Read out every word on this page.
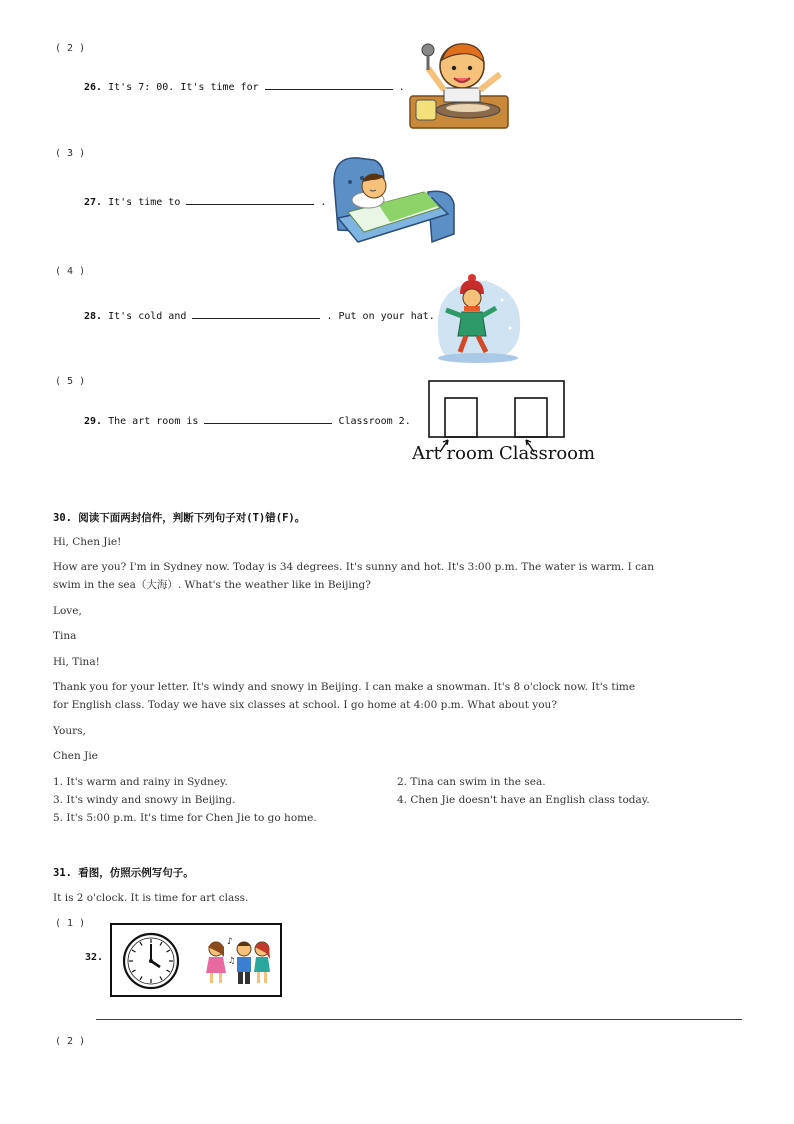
( 2 )
26. It's 7: 00. It's time for	.
( 3 )
27. It's time to	.
( 4 )
28. It's cold and	. Put on your hat.
( 5 )
29. The art room is	Classroom 2.
Art room Classroom
30. 阅读下面两封信件，判断下列句子对(T)错(F)。
Hi, Chen Jie!
How are you? I'm in Sydney now. Today is 34 degrees. It's sunny and hot. It's 3:00 p.m. The water is warm. I can
swim in the sea（大海）. What's the weather like in Beijing?
Love,
Tina
Hi, Tina!
Thank you for your letter. It's windy and snowy in Beijing. I can make a snowman. It's 8 o'clock now. It's time
for English class. Today we have six classes at school. I go home at 4:00 p.m. What about you?
Yours,
Chen Jie
1. It's warm and rainy in Sydney.	2. Tina can swim in the sea.
3. It's windy and snowy in Beijing.	4. Chen Jie doesn't have an English class today.
5. It's 5:00 p.m. It's time for Chen Jie to go home.
31. 看图，仿照示例写句子。
It is 2 o'clock. It is time for art class.
( 1 )
32.
♪
♫
( 2 )
